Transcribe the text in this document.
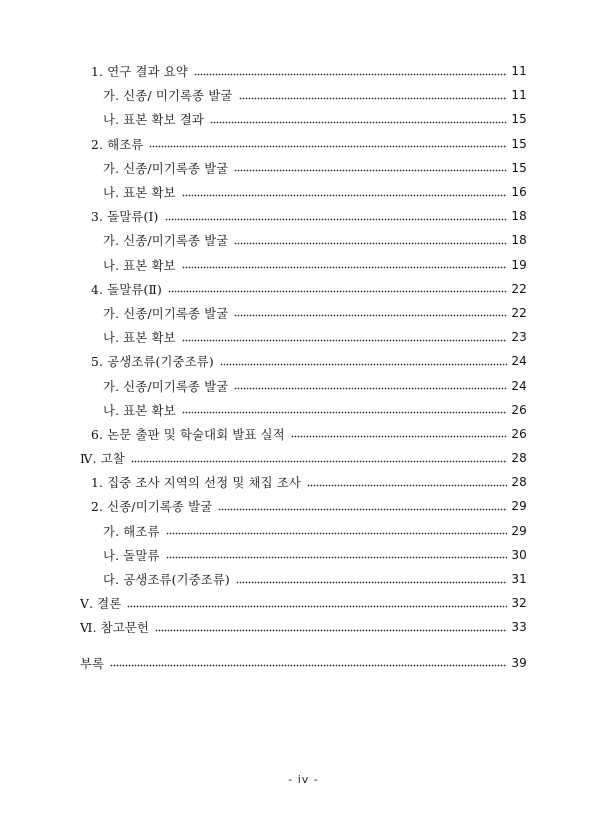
1. 연구 결과 요약	11
가. 신종/ 미기록종 발굴	11
나. 표본 확보 결과	15
2. 해조류	15
가. 신종/미기록종 발굴	15
나. 표본 확보	16
3. 돌말류(Ⅰ)	18
가. 신종/미기록종 발굴	18
나. 표본 확보	19
4. 돌말류(Ⅱ)	22
가. 신종/미기록종 발굴	22
나. 표본 확보	23
5. 공생조류(기중조류)	24
가. 신종/미기록종 발굴	24
나. 표본 확보	26
6. 논문 출판 및 학술대회 발표 실적	26
Ⅳ. 고찰	28
1. 집중 조사 지역의 선정 및 채집 조사	28
2. 신종/미기록종 발굴	29
가. 해조류	29
나. 돌말류	30
다. 공생조류(기중조류)	31
Ⅴ. 결론	32
Ⅵ. 참고문헌	33
부록	39
- iv -
